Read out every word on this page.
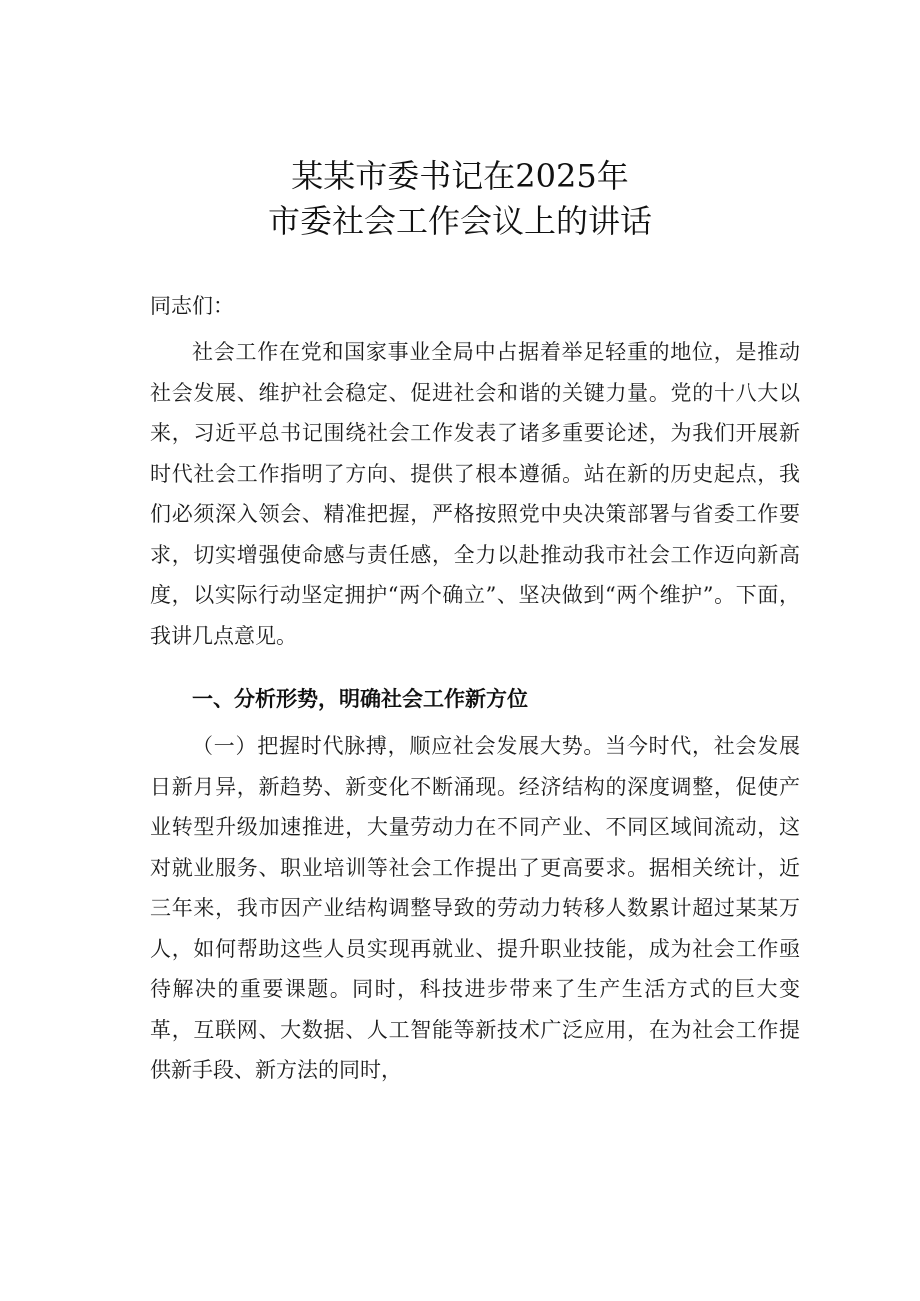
某某市委书记在2025年
市委社会工作会议上的讲话
同志们：

社会工作在党和国家事业全局中占据着举足轻重的地位，是推动社会发展、维护社会稳定、促进社会和谐的关键力量。党的十八大以来，习近平总书记围绕社会工作发表了诸多重要论述，为我们开展新时代社会工作指明了方向、提供了根本遵循。站在新的历史起点，我们必须深入领会、精准把握，严格按照党中央决策部署与省委工作要求，切实增强使命感与责任感，全力以赴推动我市社会工作迈向新高度，以实际行动坚定拥护“两个确立”、坚决做到“两个维护”。下面，我讲几点意见。

一、分析形势，明确社会工作新方位

（一）把握时代脉搏，顺应社会发展大势。当今时代，社会发展日新月异，新趋势、新变化不断涌现。经济结构的深度调整，促使产业转型升级加速推进，大量劳动力在不同产业、不同区域间流动，这对就业服务、职业培训等社会工作提出了更高要求。据相关统计，近三年来，我市因产业结构调整导致的劳动力转移人数累计超过某某万人，如何帮助这些人员实现再就业、提升职业技能，成为社会工作亟待解决的重要课题。同时，科技进步带来了生产生活方式的巨大变革，互联网、大数据、人工智能等新技术广泛应用，在为社会工作提供新手段、新方法的同时，
